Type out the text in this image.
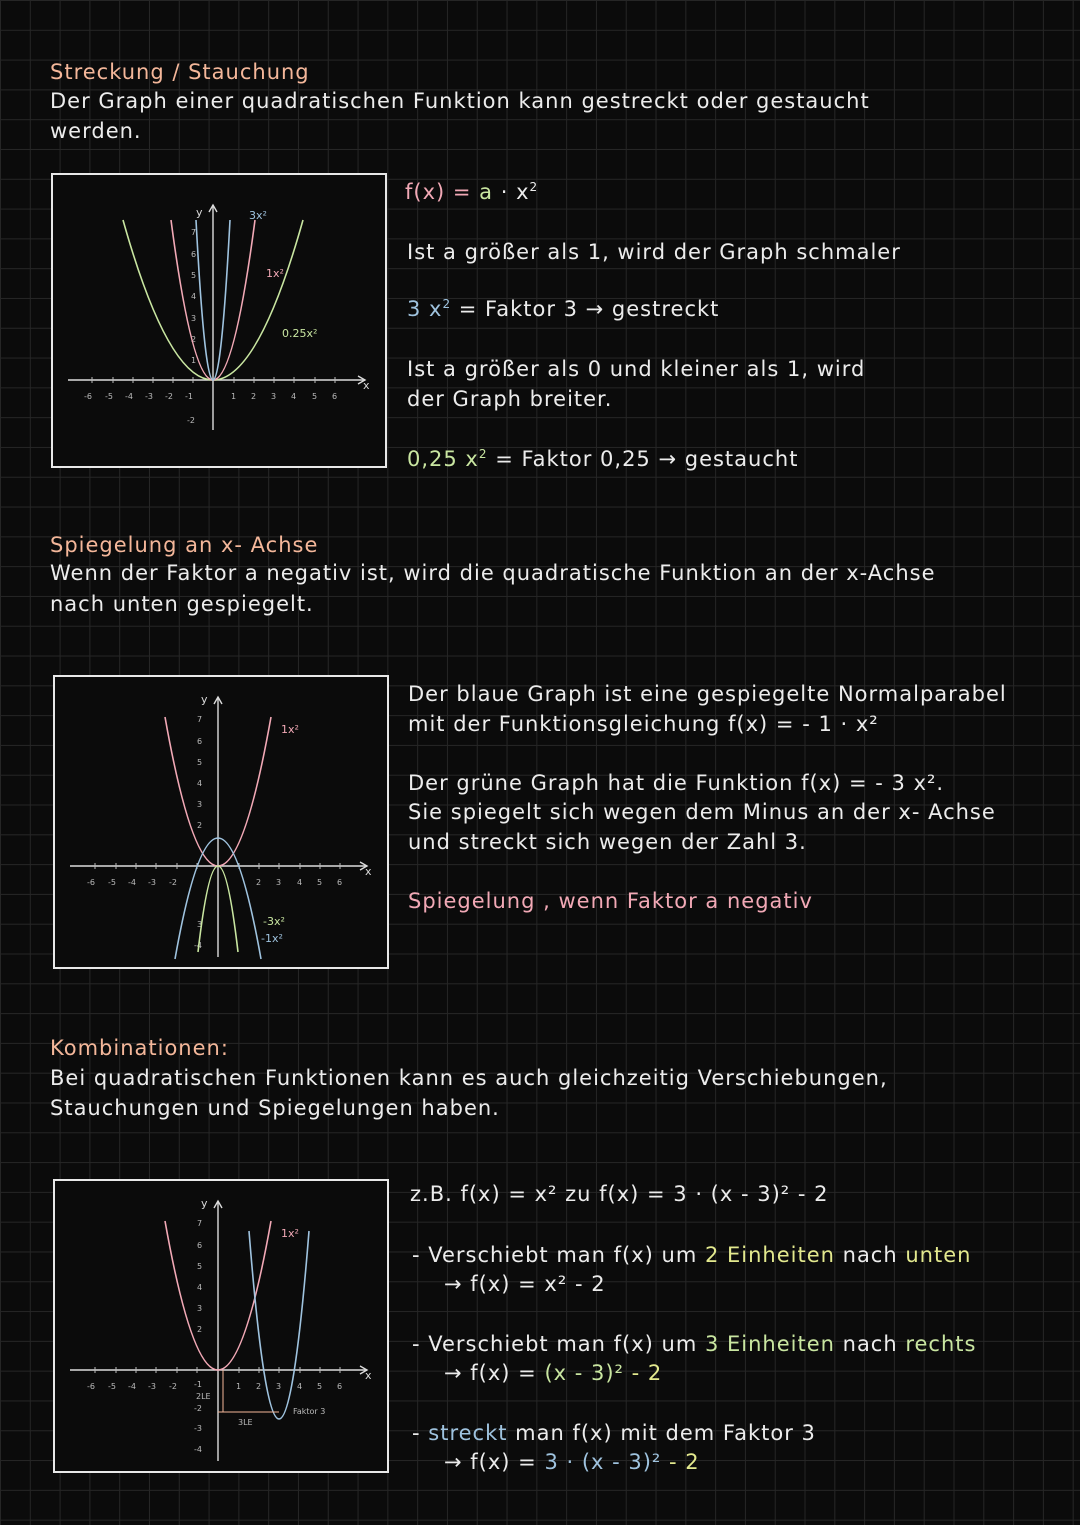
Streckung / Stauchung
Der Graph einer quadratischen Funktion kann gestreckt oder gestaucht
werden.
-6 -5 -4 -3 -2 -1	1 2 3 4 5 6
7
6
5
4
3
2
1
-2
y
x
3x²
1x²
0.25x²
$f(x) = a \cdot x^2$
Ist a größer als 1, wird der Graph schmaler
3 $x^2$ = Faktor 3 → gestreckt
Ist a größer als 0 und kleiner als 1, wird
der Graph breiter.
0,25 $x^2$ = Faktor 0,25 → gestaucht
Spiegelung an x- Achse
Wenn der Faktor a negativ ist, wird die quadratische Funktion an der x-Achse
nach unten gespiegelt.
-6 -5 -4 -3 -2	2 3 4 5 6
7
6
5
4
3
2
3
-4
y
x
1x²
-3x²
-1x²
Der blaue Graph ist eine gespiegelte Normalparabel
mit der Funktionsgleichung f(x) = - 1 · x²
Der grüne Graph hat die Funktion f(x) = - 3 x².
Sie spiegelt sich wegen dem Minus an der x- Achse
und streckt sich wegen der Zahl 3.
Spiegelung , wenn Faktor a negativ
Kombinationen:
Bei quadratischen Funktionen kann es auch gleichzeitig Verschiebungen,
Stauchungen und Spiegelungen haben.
-6 -5 -4 -3 -2 -1	1 2 3 4 5 6
7
6
5
4
3
2
-2
-3
-4
y
x
1x²
2LE
3LE
Faktor 3
z.B. f(x) = x² zu f(x) = 3 · (x - 3)² - 2
- Verschiebt man f(x) um 2 Einheiten nach unten
→ f(x) = x² - 2
- Verschiebt man f(x) um 3 Einheiten nach rechts
→ f(x) = (x - 3)² - 2
- streckt man f(x) mit dem Faktor 3
→ f(x) = 3 · (x - 3)² - 2
